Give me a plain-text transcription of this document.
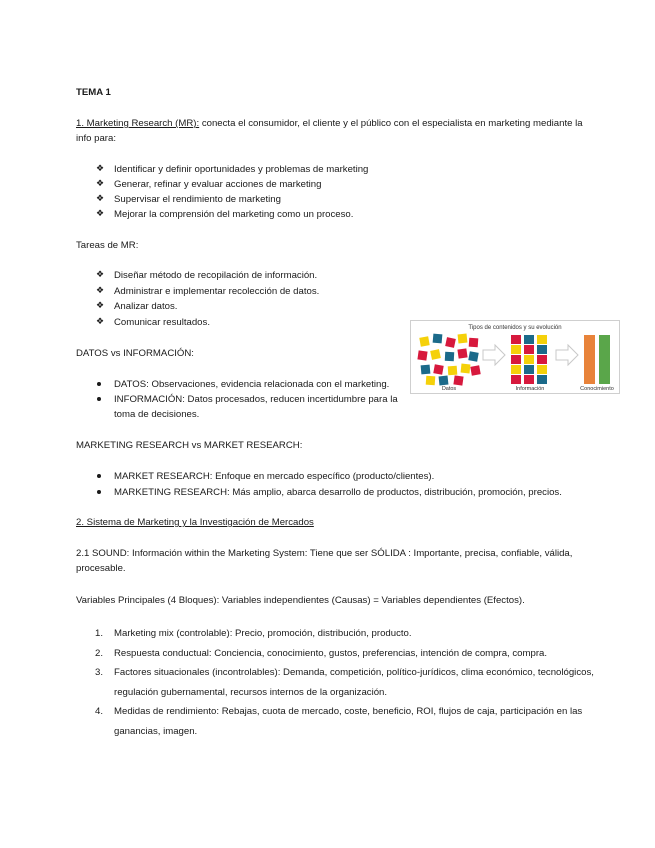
TEMA 1
1. Marketing Research (MR): conecta el consumidor, el cliente y el público con el especialista en marketing mediante la
info para:
❖ Identificar y definir oportunidades y problemas de marketing
❖ Generar, refinar y evaluar acciones de marketing
❖ Supervisar el rendimiento de marketing
❖ Mejorar la comprensión del marketing como un proceso.
Tareas de MR:
❖ Diseñar método de recopilación de información.
❖ Administrar e implementar recolección de datos.
❖ Analizar datos.
❖ Comunicar resultados.
DATOS vs INFORMACIÓN:
DATOS: Observaciones, evidencia relacionada con el marketing.
INFORMACIÓN: Datos procesados, reducen incertidumbre para la
toma de decisiones.
Tipos de contenidos y su evolución
Datos	Información	Conocimiento
MARKETING RESEARCH vs MARKET RESEARCH:
MARKET RESEARCH: Enfoque en mercado específico (producto/clientes).
MARKETING RESEARCH: Más amplio, abarca desarrollo de productos, distribución, promoción, precios.
2. Sistema de Marketing y la Investigación de Mercados
2.1 SOUND: Información within the Marketing System: Tiene que ser SÓLIDA : Importante, precisa, confiable, válida,
procesable.
Variables Principales (4 Bloques): Variables independientes (Causas) = Variables dependientes (Efectos).
1. Marketing mix (controlable): Precio, promoción, distribución, producto.
2. Respuesta conductual: Conciencia, conocimiento, gustos, preferencias, intención de compra, compra.
3. Factores situacionales (incontrolables): Demanda, competición, político-jurídicos, clima económico, tecnológicos,
regulación gubernamental, recursos internos de la organización.
4. Medidas de rendimiento: Rebajas, cuota de mercado, coste, beneficio, ROI, flujos de caja, participación en las
ganancias, imagen.
